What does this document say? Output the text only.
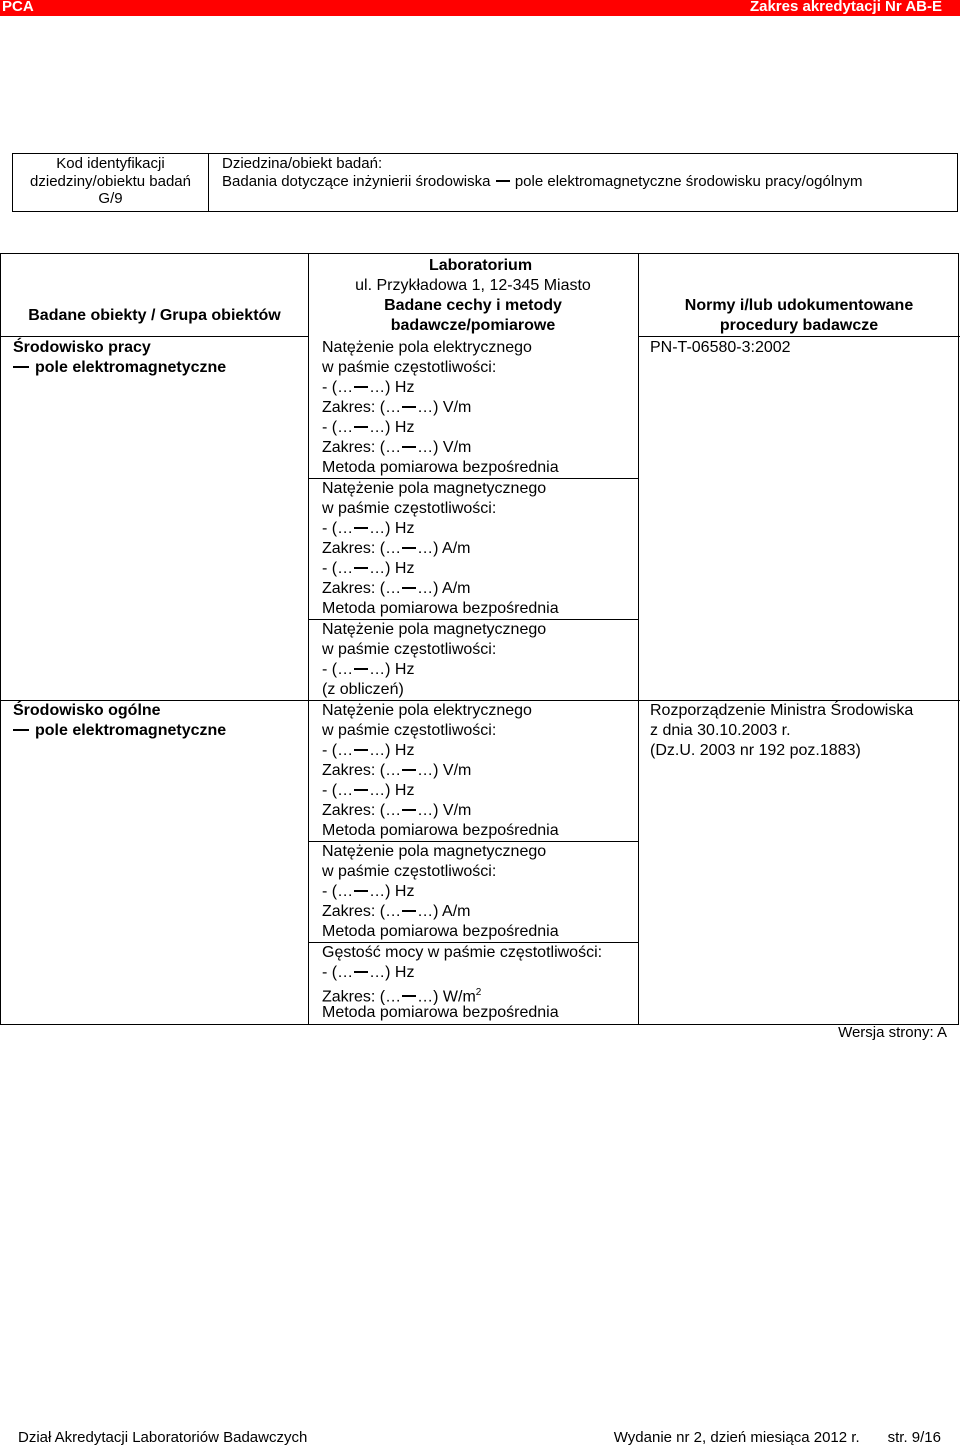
PCA	Zakres akredytacji Nr AB-E
Kod identyfikacji
dziedziny/obiektu badań
G/9
Dziedzina/obiekt badań:
Badania dotyczące inżynierii środowiska pole elektromagnetyczne środowisku pracy/ogólnym
Laboratorium
ul. Przykładowa 1, 12-345 Miasto
Badane obiekty / Grupa obiektów
Badane cechy i metody
badawcze/pomiarowe
Normy i/lub udokumentowane
procedury badawcze
Środowisko pracy
pole elektromagnetyczne
PN-T-06580-3:2002
Natężenie pola elektrycznego
w paśmie częstotliwości:
- (… …) Hz
Zakres: (… …) V/m
- (… …) Hz
Zakres: (… …) V/m
Metoda pomiarowa bezpośrednia
Natężenie pola magnetycznego
w paśmie częstotliwości:
- (… …) Hz
Zakres: (… …) A/m
- (… …) Hz
Zakres: (… …) A/m
Metoda pomiarowa bezpośrednia
Natężenie pola magnetycznego
w paśmie częstotliwości:
- (… …) Hz
(z obliczeń)
Środowisko ogólne
pole elektromagnetyczne
Rozporządzenie Ministra Środowiska
z dnia 30.10.2003 r.
(Dz.U. 2003 nr 192 poz.1883)
Natężenie pola elektrycznego
w paśmie częstotliwości:
- (… …) Hz
Zakres: (… …) V/m
- (… …) Hz
Zakres: (… …) V/m
Metoda pomiarowa bezpośrednia
Natężenie pola magnetycznego
w paśmie częstotliwości:
- (… …) Hz
Zakres: (… …) A/m
Metoda pomiarowa bezpośrednia
Gęstość mocy w paśmie częstotliwości:
- (… …) Hz
Zakres: (… …) $W/m^2$
Metoda pomiarowa bezpośrednia
Wersja strony: A
Dział Akredytacji Laboratoriów Badawczych	Wydanie nr 2, dzień miesiąca 2012 r. str. 9/16
